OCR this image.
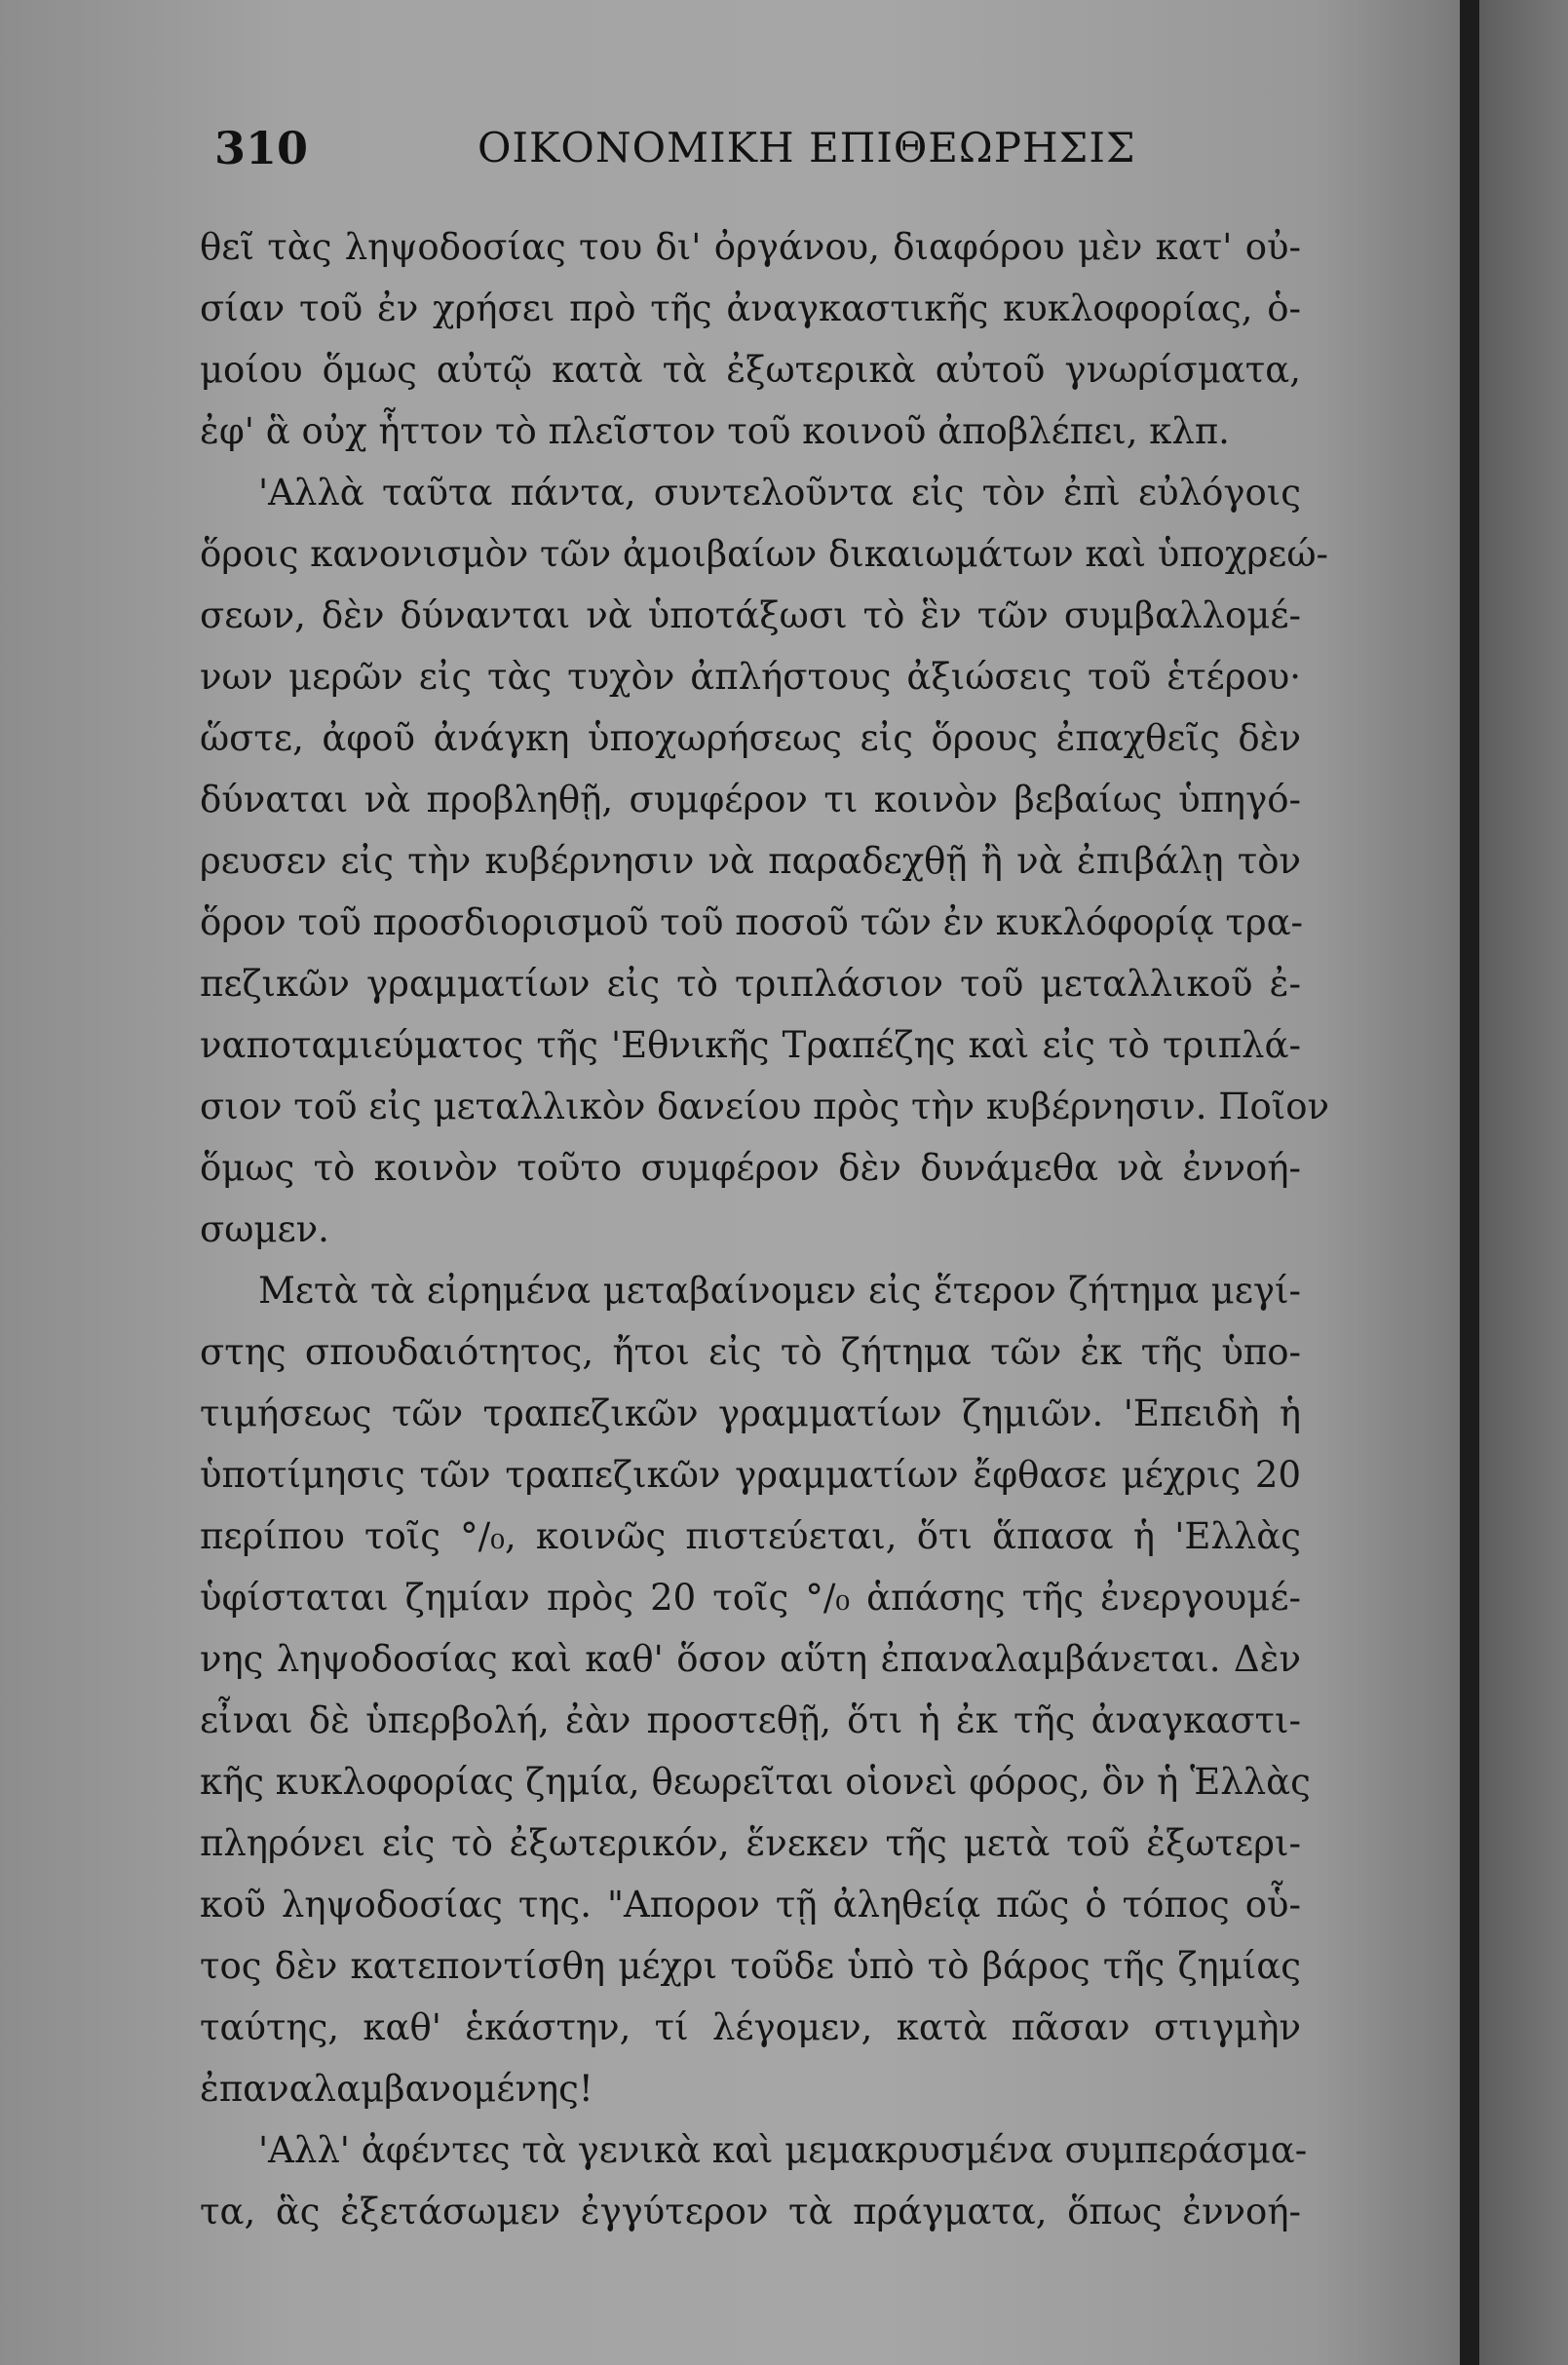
310	ΟΙΚΟΝΟΜΙΚΗ ΕΠΙΘΕΩΡΗΣΙΣ
θεῖ τὰς ληψοδοσίας του δι' ὀργάνου, διαφόρου μὲν κατ' οὐ-
σίαν τοῦ ἐν χρήσει πρὸ τῆς ἀναγκαστικῆς κυκλοφορίας, ὁ-
μοίου ὅμως αὐτῷ κατὰ τὰ ἐξωτερικὰ αὐτοῦ γνωρίσματα,
ἐφ' ἃ οὐχ ἧττον τὸ πλεῖστον τοῦ κοινοῦ ἀποβλέπει, κλπ.
'Αλλὰ ταῦτα πάντα, συντελοῦντα εἰς τὸν ἐπὶ εὐλόγοις
ὅροις κανονισμὸν τῶν ἀμοιβαίων δικαιωμάτων καὶ ὑποχρεώ-
σεων, δὲν δύνανται νὰ ὑποτάξωσι τὸ ἓν τῶν συμβαλλομέ-
νων μερῶν εἰς τὰς τυχὸν ἀπλήστους ἀξιώσεις τοῦ ἑτέρου·
ὥστε, ἀφοῦ ἀνάγκη ὑποχωρήσεως εἰς ὅρους ἐπαχθεῖς δὲν
δύναται νὰ προβληθῇ, συμφέρον τι κοινὸν βεβαίως ὑπηγό-
ρευσεν εἰς τὴν κυβέρνησιν νὰ παραδεχθῇ ἢ νὰ ἐπιβάλῃ τὸν
ὅρον τοῦ προσδιορισμοῦ τοῦ ποσοῦ τῶν ἐν κυκλόφορίᾳ τρα-
πεζικῶν γραμματίων εἰς τὸ τριπλάσιον τοῦ μεταλλικοῦ ἐ-
ναποταμιεύματος τῆς 'Εθνικῆς Τραπέζης καὶ εἰς τὸ τριπλά-
σιον τοῦ εἰς μεταλλικὸν δανείου πρὸς τὴν κυβέρνησιν. Ποῖον
ὅμως τὸ κοινὸν τοῦτο συμφέρον δὲν δυνάμεθα νὰ ἐννοή-
σωμεν.
Μετὰ τὰ εἰρημένα μεταβαίνομεν εἰς ἕτερον ζήτημα μεγί-
στης σπουδαιότητος, ἤτοι εἰς τὸ ζήτημα τῶν ἐκ τῆς ὑπο-
τιμήσεως τῶν τραπεζικῶν γραμματίων ζημιῶν. 'Επειδὴ ἡ
ὑποτίμησις τῶν τραπεζικῶν γραμματίων ἔφθασε μέχρις 20
περίπου τοῖς °/₀, κοινῶς πιστεύεται, ὅτι ἅπασα ἡ 'Ελλὰς
ὑφίσταται ζημίαν πρὸς 20 τοῖς °/₀ ἁπάσης τῆς ἐνεργουμέ-
νης ληψοδοσίας καὶ καθ' ὅσον αὕτη ἐπαναλαμβάνεται. Δὲν
εἶναι δὲ ὑπερβολή, ἐὰν προστεθῇ, ὅτι ἡ ἐκ τῆς ἀναγκαστι-
κῆς κυκλοφορίας ζημία, θεωρεῖται οἱονεὶ φόρος, ὃν ἡ Ἑλλὰς
πληρόνει εἰς τὸ ἐξωτερικόν, ἕνεκεν τῆς μετὰ τοῦ ἐξωτερι-
κοῦ ληψοδοσίας της. "Απορον τῇ ἀληθείᾳ πῶς ὁ τόπος οὗ-
τος δὲν κατεποντίσθη μέχρι τοῦδε ὑπὸ τὸ βάρος τῆς ζημίας
ταύτης, καθ' ἑκάστην, τί λέγομεν, κατὰ πᾶσαν στιγμὴν
ἐπαναλαμβανομένης!
'Αλλ' ἀφέντες τὰ γενικὰ καὶ μεμακρυσμένα συμπεράσμα-
τα, ἃς ἐξετάσωμεν ἐγγύτερον τὰ πράγματα, ὅπως ἐννοή-
